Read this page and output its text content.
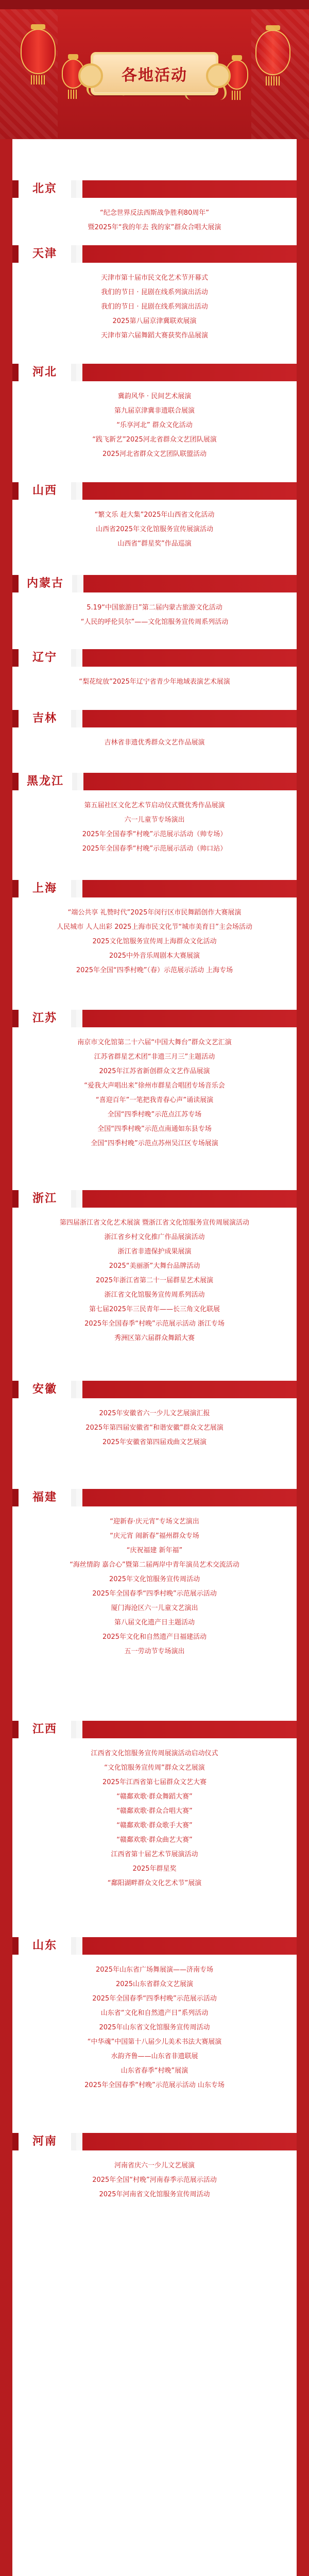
各地活动
北京
“纪念世界反法西斯战争胜利80周年”
暨2025年“我的年去 我的家”群众合唱大展演
天津
天津市第十届市民文化艺术节开幕式
我们的节日 · 昆剧在线系列演出活动
我们的节日 · 昆剧在线系列演出活动
2025第八届京津冀联欢展演
天津市第六届舞蹈大赛获奖作品展演
河北
冀韵风华 · 民间艺术展演
第九届京津冀非遗联合展演
“乐享河北” 群众文化活动
“践飞新艺”2025河北省群众文艺团队展演
2025河北省群众文艺团队联盟活动
山西
“繁文乐 赶大集”2025年山西省文化活动
山西省2025年文化馆服务宣传展演活动
山西省“群星奖”作品巡演
内蒙古
5.19“中国旅游日”第二届内蒙古旅游文化活动
“人民的呼伦贝尔”——文化馆服务宣传周系列活动
辽宁
“梨花绽放”2025年辽宁省青少年地域表演艺术展演
吉林
吉林省非遗优秀群众文艺作品展演
黑龙江
第五届社区文化艺术节启动仪式暨优秀作品展演
六一儿童节专场演出
2025年全国春季“村晚”示范展示活动（帅专场）
2025年全国春季“村晚”示范展示活动（帅口站）
上海
“端公共享 礼赞时代”2025年闵行区市民舞蹈创作大赛展演
人民城市 人人出彩 2025上海市民文化节“城市美育日”主会场活动
2025文化馆服务宣传周上海群众文化活动
2025中外音乐周剧本大赛展演
2025年全国“四季村晚”（春）示范展示活动 上海专场
江苏
南京市文化馆第二十六届“中国大舞台”群众文艺汇演
江苏省群星艺术团“非遗三月三”主题活动
2025年江苏省新创群众文艺作品展演
“爱我大声唱出来”徐州市群星合唱团专场音乐会
“喜迎百年”一笔把我青春心声”诵读展演
全国“四季村晚”示范点江苏专场
全国“四季村晚”示范点南通如东县专场
全国“四季村晚”示范点苏州吴江区专场展演
浙江
第四届浙江省文化艺术展演 暨浙江省文化馆服务宣传周展演活动
浙江省乡村文化推广作品展演活动
浙江省非遗保护成果展演
2025“美丽浙”大舞台品牌活动
2025年浙江省第二十一届群星艺术展演
浙江省文化馆服务宣传周系列活动
第七届2025年三民青年——长三角文化联展
2025年全国春季“村晚”示范展示活动 浙江专场
秀洲区第六届群众舞蹈大赛
安徽
2025年安徽省六一少儿文艺展演汇报
2025年第四届安徽省“和谐安徽”群众文艺展演
2025年安徽省第四届戏曲文艺展演
福建
“迎新春·庆元宵”专场文艺演出
“庆元宵 闹新春”福州群众专场
“庆祝福建 新年福”
“海丝情韵 嘉合心”暨第二届两岸中青年演员艺术交流活动
2025年文化馆服务宣传周活动
2025年全国春季“四季村晚”示范展示活动
厦门海沧区六一儿童文艺演出
第八届文化遗产日主题活动
2025年文化和自然遗产日福建活动
五一劳动节专场演出
江西
江西省文化馆服务宣传周展演活动启动仪式
“文化馆服务宣传周”群众文艺展演
2025年江西省第七届群众文艺大赛
“赣鄱欢歌·群众舞蹈大赛”
“赣鄱欢歌·群众合唱大赛”
“赣鄱欢歌·群众歌手大赛”
“赣鄱欢歌·群众曲艺大赛”
江西省第十届艺术节展演活动
2025年群星奖
“鄱阳湖畔群众文化艺术节”展演
山东
2025年山东省广场舞展演——济南专场
2025山东省群众文艺展演
2025年全国春季“四季村晚”示范展示活动
山东省“文化和自然遗产日”系列活动
2025年山东省文化馆服务宣传周活动
“中华魂”中国第十八届少儿美术书法大赛展演
水韵齐鲁——山东省非遗联展
山东省春季“村晚”展演
2025年全国春季“村晚”示范展示活动 山东专场
河南
河南省庆六一少儿文艺展演
2025年全国“村晚”河南春季示范展示活动
2025年河南省文化馆服务宣传周活动
